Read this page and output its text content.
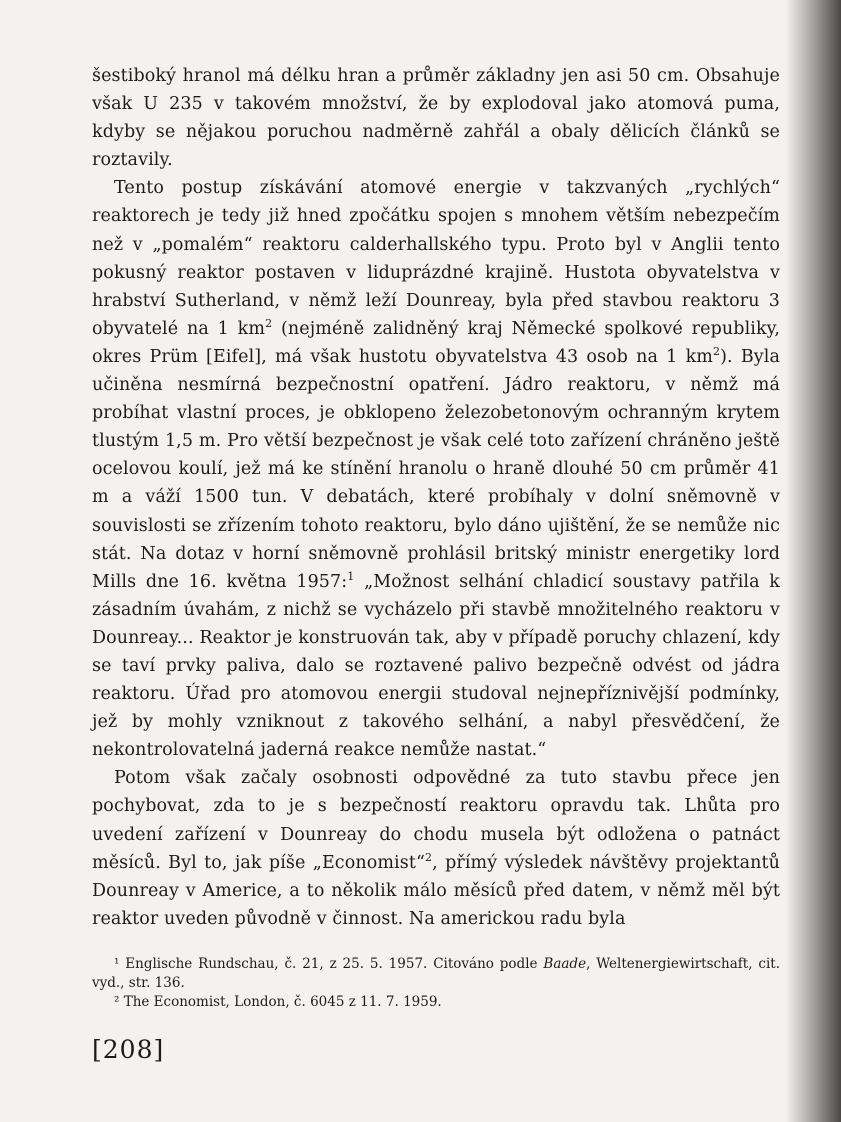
šestiboký hranol má délku hran a průměr základny jen asi 50 cm. Obsahuje však U 235 v takovém množství, že by explodoval jako atomová puma, kdyby se nějakou poruchou nadměrně zahřál a obaly dělicích článků se roztavily.

Tento postup získávání atomové energie v takzvaných „rychlých“ reaktorech je tedy již hned zpočátku spojen s mnohem větším nebezpečím než v „pomalém“ reaktoru calderhallského typu. Proto byl v Anglii tento pokusný reaktor postaven v liduprázdné krajině. Hustota obyvatelstva v hrabství Sutherland, v němž leží Dounreay, byla před stavbou reaktoru 3 obyvatelé na 1 $km^2$ (nejméně zalidněný kraj Německé spolkové republiky, okres Prüm [Eifel], má však hustotu obyvatelstva 43 osob na 1 $km^2$). Byla učiněna nesmírná bezpečnostní opatření. Jádro reaktoru, v němž má probíhat vlastní proces, je obklopeno železobetonovým ochranným krytem tlustým 1,5 m. Pro větší bezpečnost je však celé toto zařízení chráněno ještě ocelovou koulí, jež má ke stínění hranolu o hraně dlouhé 50 cm průměr 41 m a váží 1500 tun. V debatách, které probíhaly v dolní sněmovně v souvislosti se zřízením tohoto reaktoru, bylo dáno ujištění, že se nemůže nic stát. Na dotaz v horní sněmovně prohlásil britský ministr energetiky lord Mills dne 16. května 1957:$^1$ „Možnost selhání chladicí soustavy patřila k zásadním úvahám, z nichž se vycházelo při stavbě množitelného reaktoru v Dounreay... Reaktor je konstruován tak, aby v případě poruchy chlazení, kdy se taví prvky paliva, dalo se roztavené palivo bezpečně odvést od jádra reaktoru. Úřad pro atomovou energii studoval nejnepříznivější podmínky, jež by mohly vzniknout z takového selhání, a nabyl přesvědčení, že nekontrolovatelná jaderná reakce nemůže nastat.“

Potom však začaly osobnosti odpovědné za tuto stavbu přece jen pochybovat, zda to je s bezpečností reaktoru opravdu tak. Lhůta pro uvedení zařízení v Dounreay do chodu musela být odložena o patnáct měsíců. Byl to, jak píše „Economist“$^2$, přímý výsledek návštěvy projektantů Dounreay v Americe, a to několik málo měsíců před datem, v němž měl být reaktor uveden původně v činnost. Na americkou radu byla

¹ Englische Rundschau, č. 21, z 25. 5. 1957. Citováno podle Baade, Weltenergiewirtschaft, cit. vyd., str. 136.

² The Economist, London, č. 6045 z 11. 7. 1959.

[208]
